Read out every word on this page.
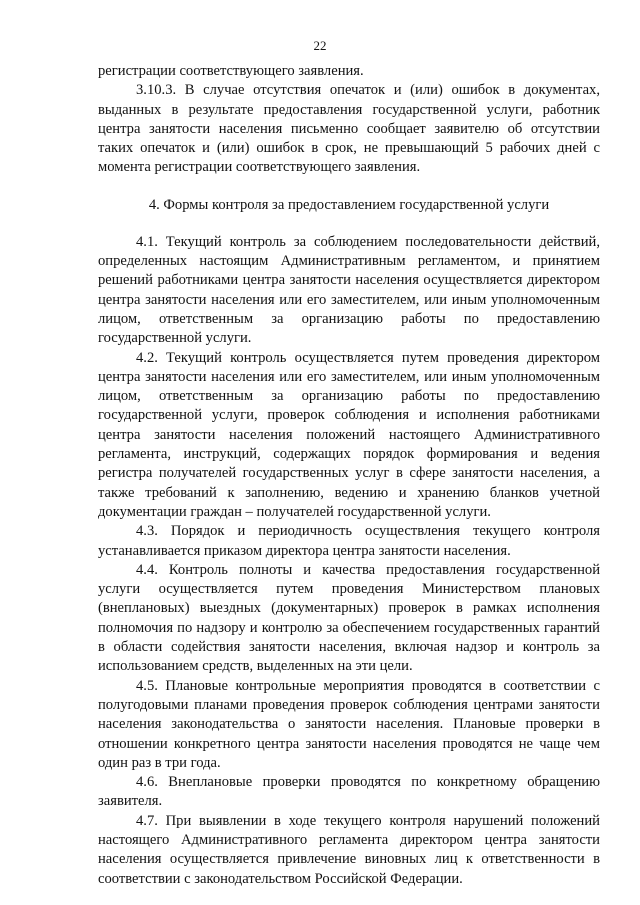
22

регистрации соответствующего заявления.

3.10.3. В случае отсутствия опечаток и (или) ошибок в документах, выданных в результате предоставления государственной услуги, работник центра занятости населения письменно сообщает заявителю об отсутствии таких опечаток и (или) ошибок в срок, не превышающий 5 рабочих дней с момента регистрации соответствующего заявления.

4. Формы контроля за предоставлением государственной услуги

4.1. Текущий контроль за соблюдением последовательности действий, определенных настоящим Административным регламентом, и принятием решений работниками центра занятости населения осуществляется директором центра занятости населения или его заместителем, или иным уполномоченным лицом, ответственным за организацию работы по предоставлению государственной услуги.

4.2. Текущий контроль осуществляется путем проведения директором центра занятости населения или его заместителем, или иным уполномоченным лицом, ответственным за организацию работы по предоставлению государственной услуги, проверок соблюдения и исполнения работниками центра занятости населения положений настоящего Административного регламента, инструкций, содержащих порядок формирования и ведения регистра получателей государственных услуг в сфере занятости населения, а также требований к заполнению, ведению и хранению бланков учетной документации граждан – получателей государственной услуги.

4.3. Порядок и периодичность осуществления текущего контроля устанавливается приказом директора центра занятости населения.

4.4. Контроль полноты и качества предоставления государственной услуги осуществляется путем проведения Министерством плановых (внеплановых) выездных (документарных) проверок в рамках исполнения полномочия по надзору и контролю за обеспечением государственных гарантий в области содействия занятости населения, включая надзор и контроль за использованием средств, выделенных на эти цели.

4.5. Плановые контрольные мероприятия проводятся в соответствии с полугодовыми планами проведения проверок соблюдения центрами занятости населения законодательства о занятости населения. Плановые проверки в отношении конкретного центра занятости населения проводятся не чаще чем один раз в три года.

4.6. Внеплановые проверки проводятся по конкретному обращению заявителя.

4.7. При выявлении в ходе текущего контроля нарушений положений настоящего Административного регламента директором центра занятости населения осуществляется привлечение виновных лиц к ответственности в соответствии с законодательством Российской Федерации.
